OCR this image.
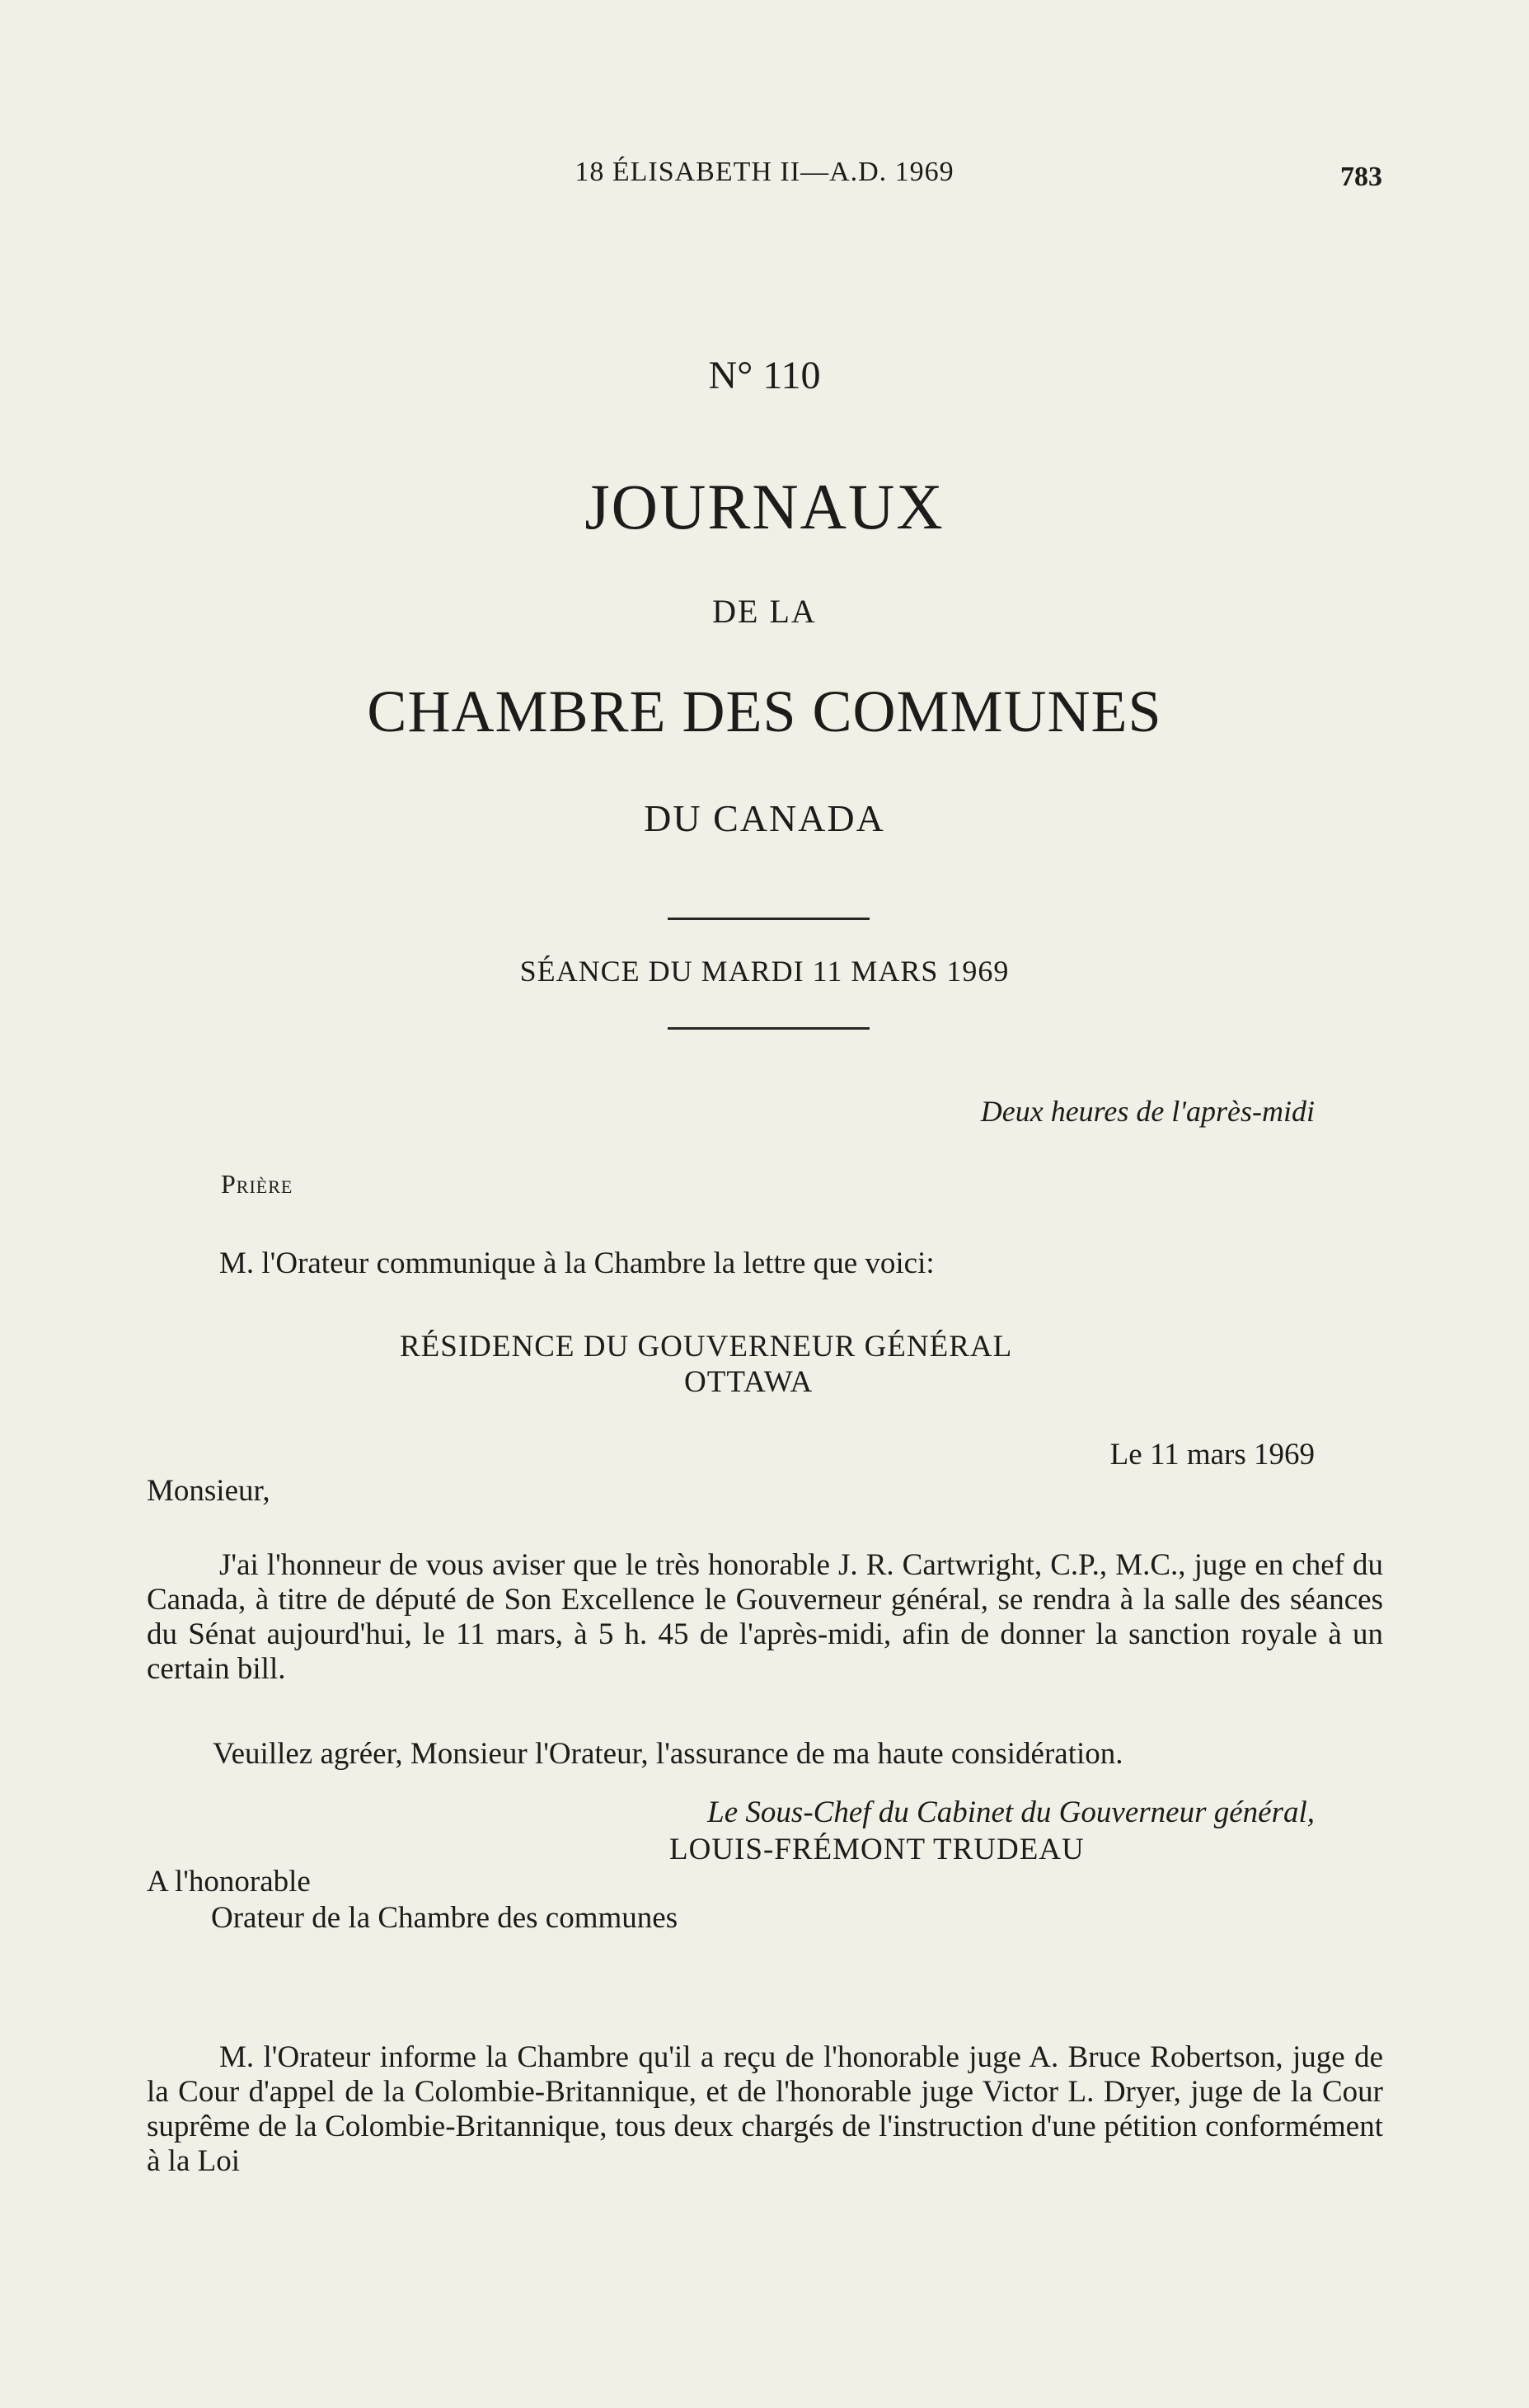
18 ÉLISABETH II—A.D. 1969	783
N° 110
JOURNAUX
DE LA
CHAMBRE DES COMMUNES
DU CANADA
SÉANCE DU MARDI 11 MARS 1969
Deux heures de l'après-midi
Prière
M. l'Orateur communique à la Chambre la lettre que voici:
RÉSIDENCE DU GOUVERNEUR GÉNÉRAL
OTTAWA
Le 11 mars 1969
Monsieur,
J'ai l'honneur de vous aviser que le très honorable J. R. Cartwright, C.P., M.C., juge en chef du Canada, à titre de député de Son Excellence le Gouverneur général, se rendra à la salle des séances du Sénat aujourd'hui, le 11 mars, à 5 h. 45 de l'après-midi, afin de donner la sanction royale à un certain bill.
Veuillez agréer, Monsieur l'Orateur, l'assurance de ma haute considération.
Le Sous-Chef du Cabinet du Gouverneur général,
LOUIS-FRÉMONT TRUDEAU
A l'honorable
Orateur de la Chambre des communes
M. l'Orateur informe la Chambre qu'il a reçu de l'honorable juge A. Bruce Robertson, juge de la Cour d'appel de la Colombie-Britannique, et de l'honorable juge Victor L. Dryer, juge de la Cour suprême de la Colombie-Britannique, tous deux chargés de l'instruction d'une pétition conformément à la Loi
